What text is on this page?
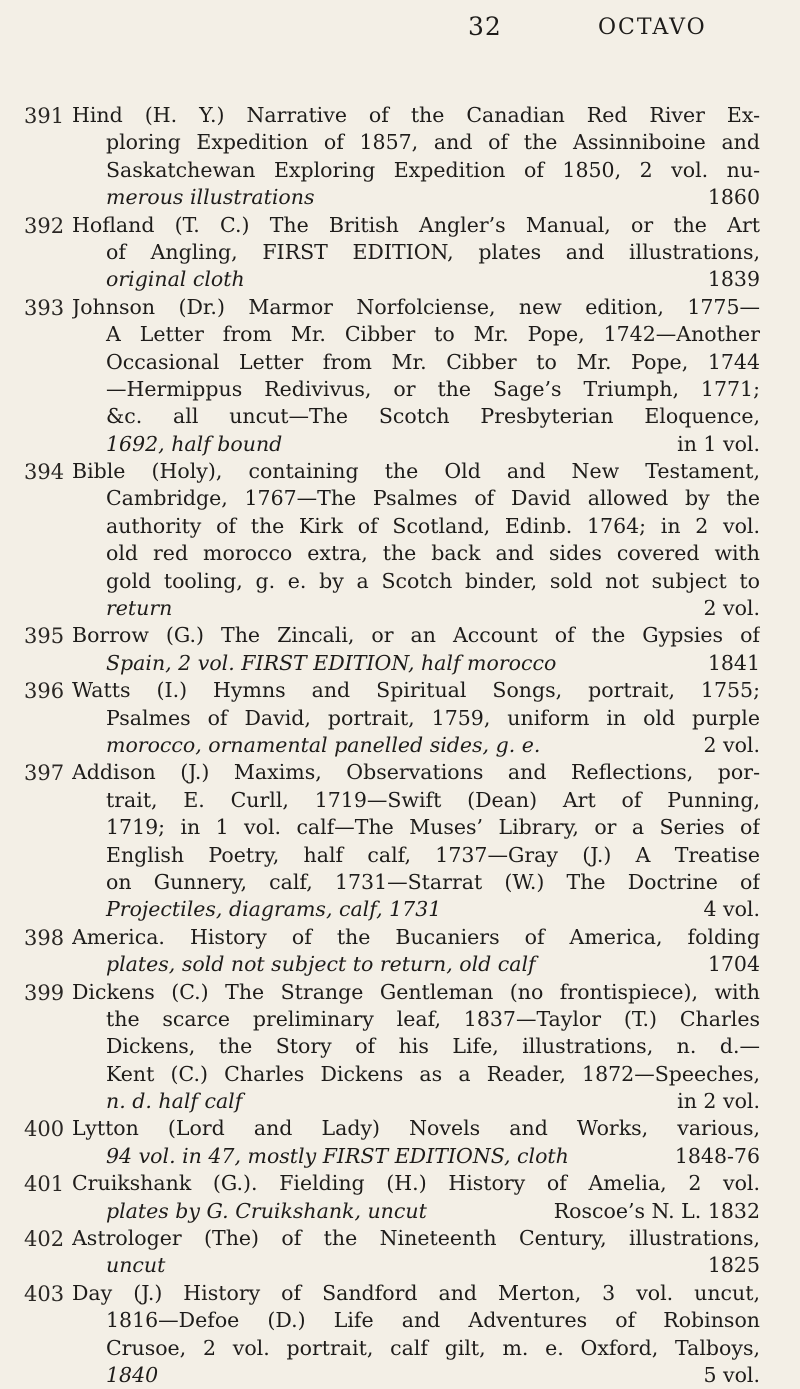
32	OCTAVO
391 Hind (H. Y.) Narrative of the Canadian Red River Ex-
ploring Expedition of 1857, and of the Assinniboine and
Saskatchewan Exploring Expedition of 1850, 2 vol. nu-
merous illustrations	1860
392 Hofland (T. C.) The British Angler’s Manual, or the Art
of Angling, FIRST EDITION, plates and illustrations,
original cloth	1839
393 Johnson (Dr.) Marmor Norfolciense, new edition, 1775—
A Letter from Mr. Cibber to Mr. Pope, 1742—Another
Occasional Letter from Mr. Cibber to Mr. Pope, 1744
—Hermippus Redivivus, or the Sage’s Triumph, 1771;
&c. all uncut—The Scotch Presbyterian Eloquence,
1692, half bound	in 1 vol.
394 Bible (Holy), containing the Old and New Testament,
Cambridge, 1767—The Psalmes of David allowed by the
authority of the Kirk of Scotland, Edinb. 1764; in 2 vol.
old red morocco extra, the back and sides covered with
gold tooling, g. e. by a Scotch binder, sold not subject to
return	2 vol.
395 Borrow (G.) The Zincali, or an Account of the Gypsies of
Spain, 2 vol. FIRST EDITION, half morocco	1841
396 Watts (I.) Hymns and Spiritual Songs, portrait, 1755;
Psalmes of David, portrait, 1759, uniform in old purple
morocco, ornamental panelled sides, g. e.	2 vol.
397 Addison (J.) Maxims, Observations and Reflections, por-
trait, E. Curll, 1719—Swift (Dean) Art of Punning,
1719; in 1 vol. calf—The Muses’ Library, or a Series of
English Poetry, half calf, 1737—Gray (J.) A Treatise
on Gunnery, calf, 1731—Starrat (W.) The Doctrine of
Projectiles, diagrams, calf, 1731	4 vol.
398 America. History of the Bucaniers of America, folding
plates, sold not subject to return, old calf	1704
399 Dickens (C.) The Strange Gentleman (no frontispiece), with
the scarce preliminary leaf, 1837—Taylor (T.) Charles
Dickens, the Story of his Life, illustrations, n. d.—
Kent (C.) Charles Dickens as a Reader, 1872—Speeches,
n. d. half calf	in 2 vol.
400 Lytton (Lord and Lady) Novels and Works, various,
94 vol. in 47, mostly FIRST EDITIONS, cloth	1848-76
401 Cruikshank (G.). Fielding (H.) History of Amelia, 2 vol.
plates by G. Cruikshank, uncut	Roscoe’s N. L. 1832
402 Astrologer (The) of the Nineteenth Century, illustrations,
uncut	1825
403 Day (J.) History of Sandford and Merton, 3 vol. uncut,
1816—Defoe (D.) Life and Adventures of Robinson
Crusoe, 2 vol. portrait, calf gilt, m. e. Oxford, Talboys,
1840	5 vol.
